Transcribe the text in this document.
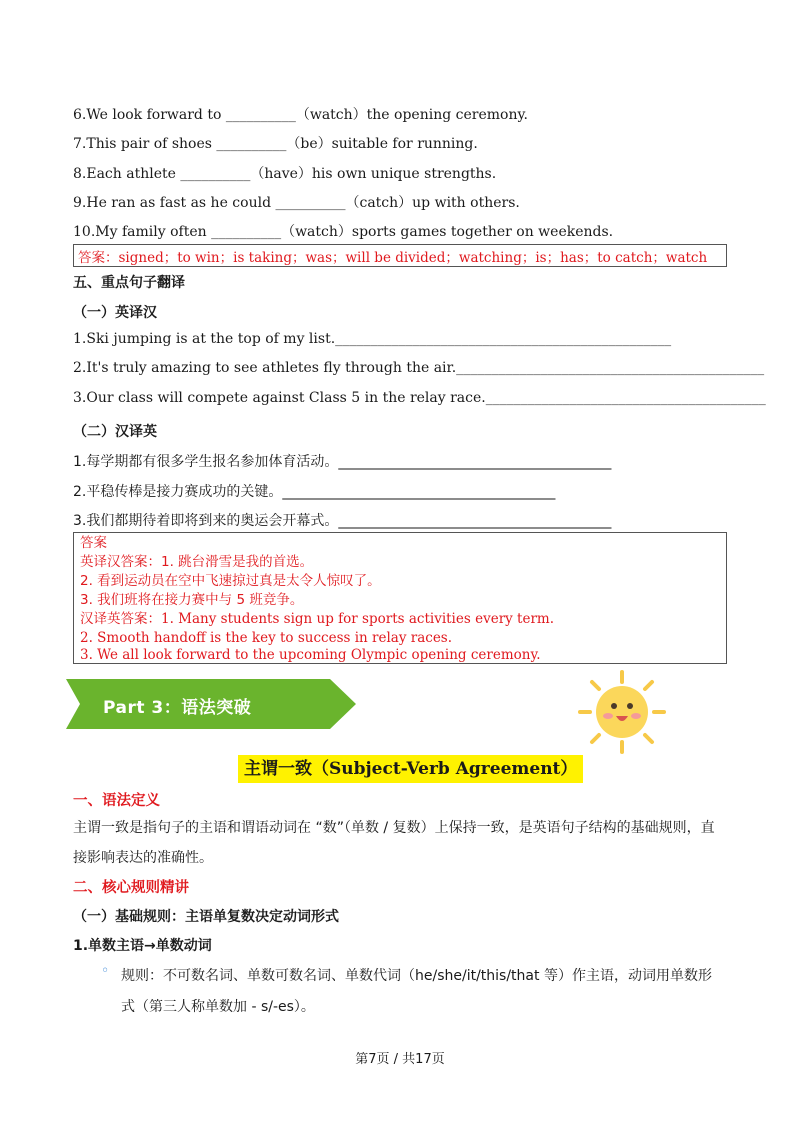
6.We look forward to __________（watch）the opening ceremony.
7.This pair of shoes __________（be）suitable for running.
8.Each athlete __________（have）his own unique strengths.
9.He ran as fast as he could __________（catch）up with others.
10.My family often __________（watch）sports games together on weekends.
答案：signed；to win；is taking；was；will be divided；watching；is；has；to catch；watch
五、重点句子翻译
（一）英译汉
1.Ski jumping is at the top of my list.________________________________________________
2.It's truly amazing to see athletes fly through the air.____________________________________________
3.Our class will compete against Class 5 in the relay race.________________________________________
（二）汉译英
1.每学期都有很多学生报名参加体育活动。_______________________________________
2.平稳传棒是接力赛成功的关键。_______________________________________
3.我们都期待着即将到来的奥运会开幕式。_______________________________________
答案
英译汉答案：1. 跳台滑雪是我的首选。
2. 看到运动员在空中飞速掠过真是太令人惊叹了。
3. 我们班将在接力赛中与 5 班竞争。
汉译英答案：1. Many students sign up for sports activities every term.
2. Smooth handoff is the key to success in relay races.
3. We all look forward to the upcoming Olympic opening ceremony.
Part 3：语法突破
主谓一致（Subject-Verb Agreement）
一、语法定义
主谓一致是指句子的主语和谓语动词在 “数”（单数 / 复数）上保持一致，是英语句子结构的基础规则，直接影响表达的准确性。
二、核心规则精讲
（一）基础规则：主语单复数决定动词形式
1.单数主语→单数动词
◦ 规则：不可数名词、单数可数名词、单数代词（he/she/it/this/that 等）作主语，动词用单数形
式（第三人称单数加 - s/-es）。
第7页 / 共17页
